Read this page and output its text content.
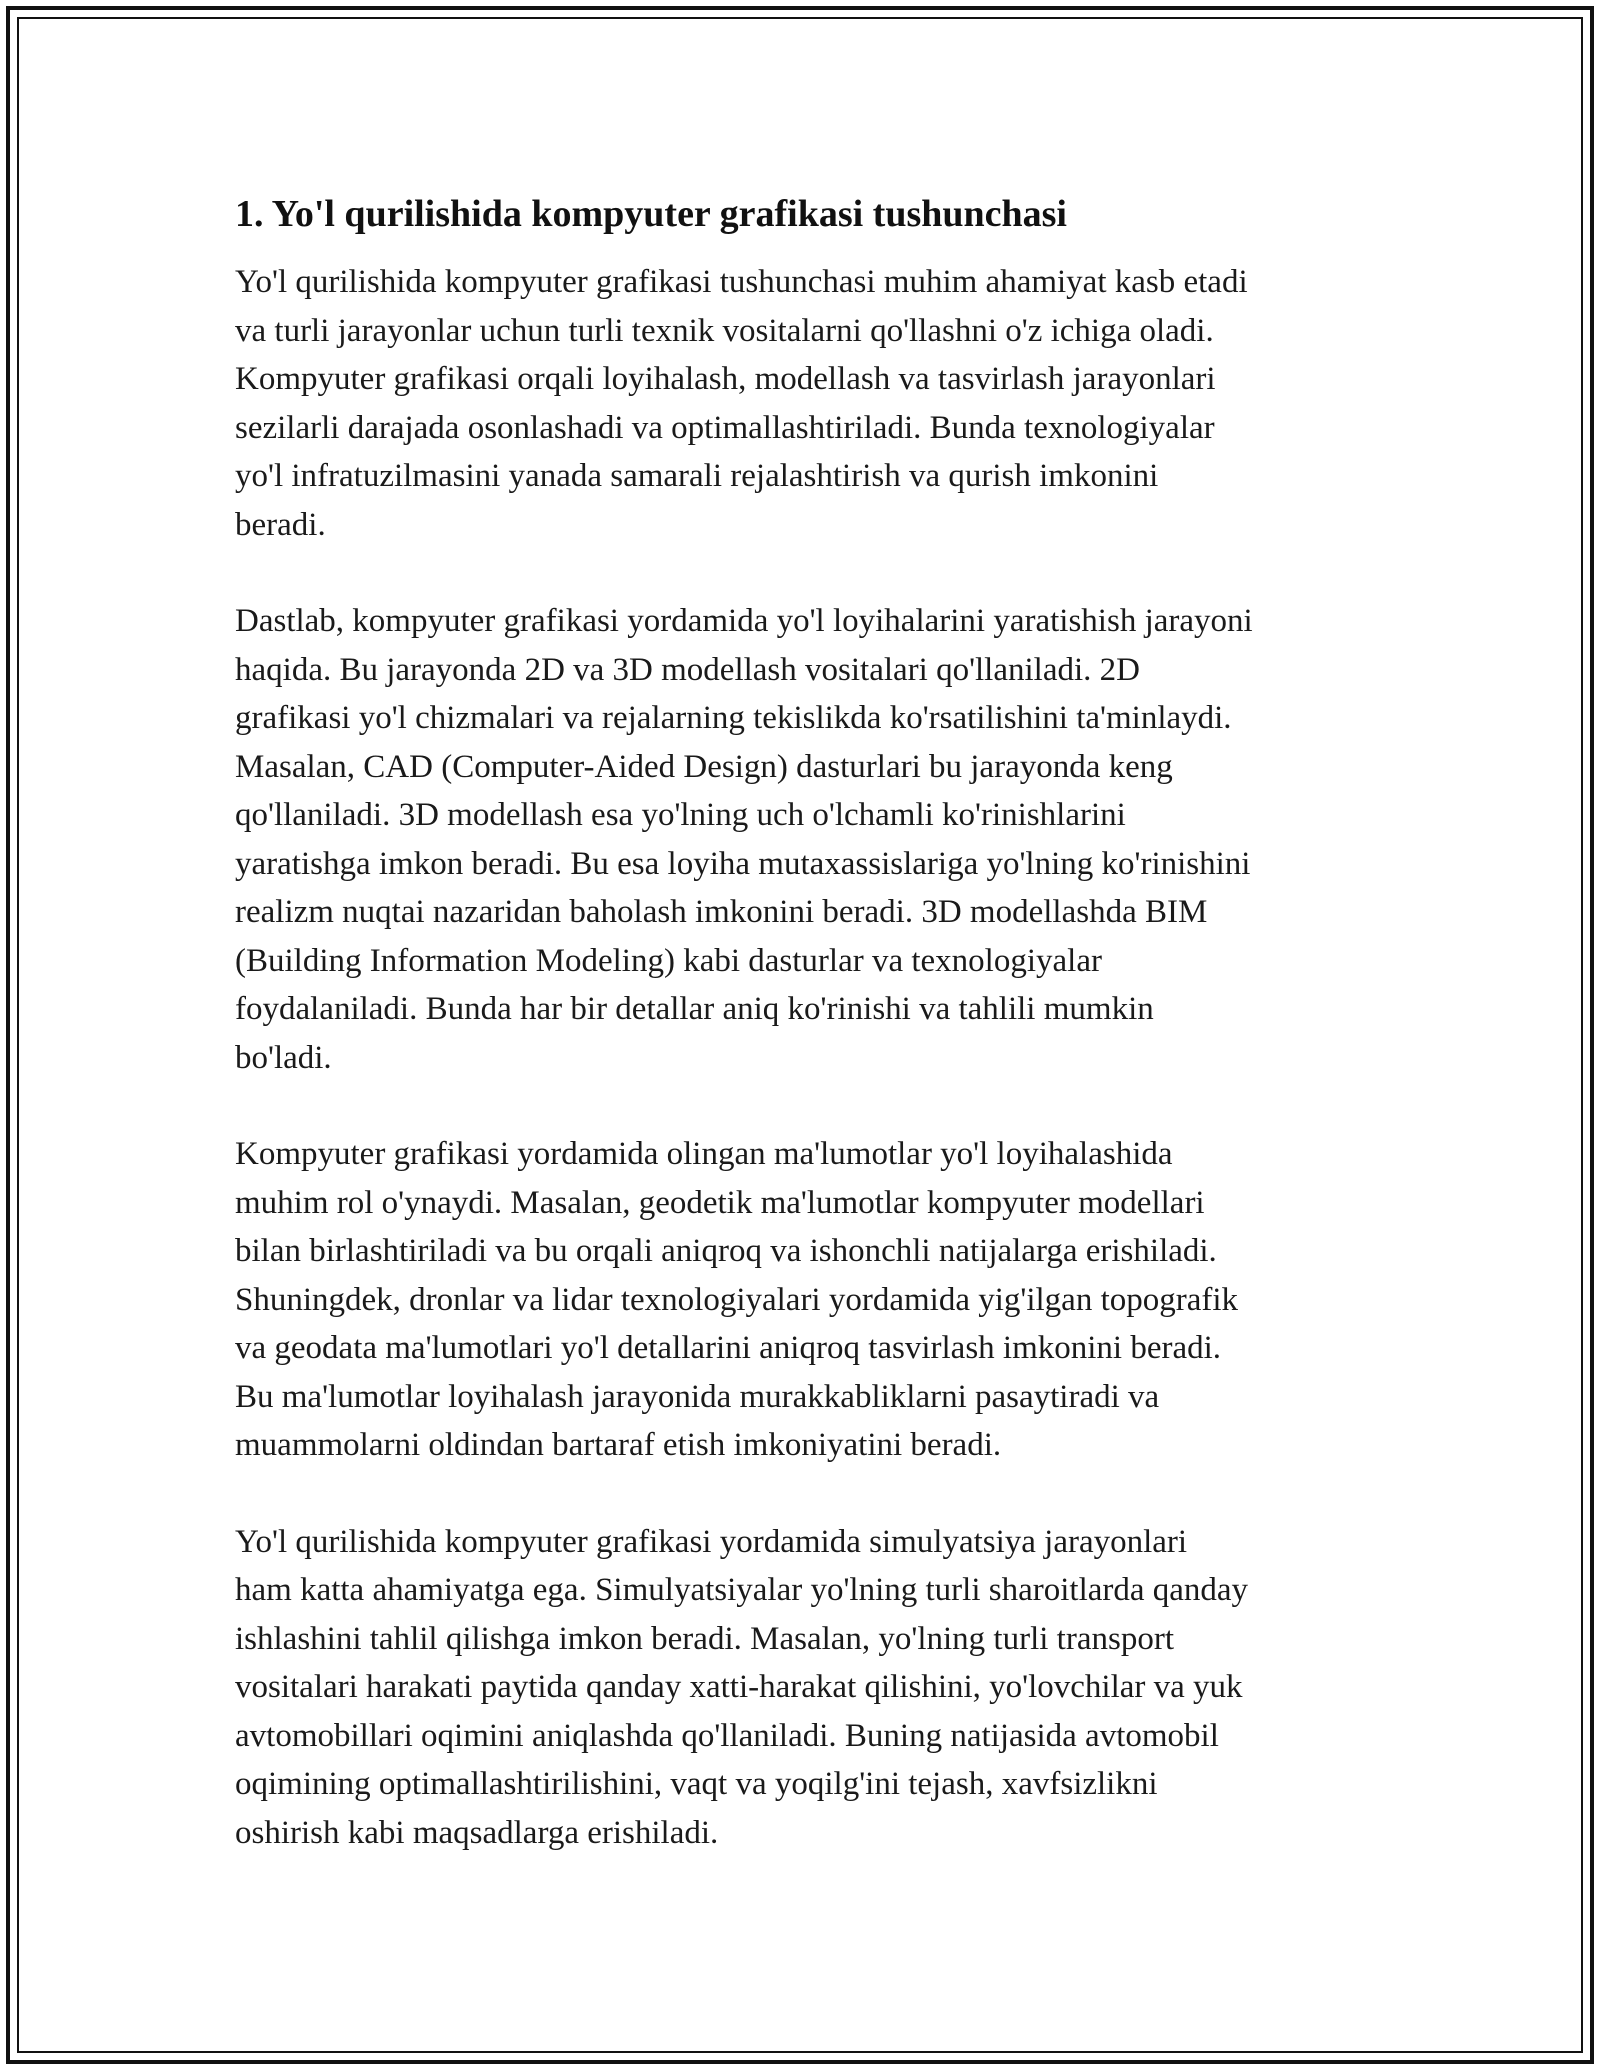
1. Yo'l qurilishida kompyuter grafikasi tushunchasi
Yo'l qurilishida kompyuter grafikasi tushunchasi muhim ahamiyat kasb etadi
va turli jarayonlar uchun turli texnik vositalarni qo'llashni o'z ichiga oladi.
Kompyuter grafikasi orqali loyihalash, modellash va tasvirlash jarayonlari
sezilarli darajada osonlashadi va optimallashtiriladi. Bunda texnologiyalar
yo'l infratuzilmasini yanada samarali rejalashtirish va qurish imkonini
beradi.
Dastlab, kompyuter grafikasi yordamida yo'l loyihalarini yaratishish jarayoni
haqida. Bu jarayonda 2D va 3D modellash vositalari qo'llaniladi. 2D
grafikasi yo'l chizmalari va rejalarning tekislikda ko'rsatilishini ta'minlaydi.
Masalan, CAD (Computer-Aided Design) dasturlari bu jarayonda keng
qo'llaniladi. 3D modellash esa yo'lning uch o'lchamli ko'rinishlarini
yaratishga imkon beradi. Bu esa loyiha mutaxassislariga yo'lning ko'rinishini
realizm nuqtai nazaridan baholash imkonini beradi. 3D modellashda BIM
(Building Information Modeling) kabi dasturlar va texnologiyalar
foydalaniladi. Bunda har bir detallar aniq ko'rinishi va tahlili mumkin
bo'ladi.
Kompyuter grafikasi yordamida olingan ma'lumotlar yo'l loyihalashida
muhim rol o'ynaydi. Masalan, geodetik ma'lumotlar kompyuter modellari
bilan birlashtiriladi va bu orqali aniqroq va ishonchli natijalarga erishiladi.
Shuningdek, dronlar va lidar texnologiyalari yordamida yig'ilgan topografik
va geodata ma'lumotlari yo'l detallarini aniqroq tasvirlash imkonini beradi.
Bu ma'lumotlar loyihalash jarayonida murakkabliklarni pasaytiradi va
muammolarni oldindan bartaraf etish imkoniyatini beradi.
Yo'l qurilishida kompyuter grafikasi yordamida simulyatsiya jarayonlari
ham katta ahamiyatga ega. Simulyatsiyalar yo'lning turli sharoitlarda qanday
ishlashini tahlil qilishga imkon beradi. Masalan, yo'lning turli transport
vositalari harakati paytida qanday xatti-harakat qilishini, yo'lovchilar va yuk
avtomobillari oqimini aniqlashda qo'llaniladi. Buning natijasida avtomobil
oqimining optimallashtirilishini, vaqt va yoqilg'ini tejash, xavfsizlikni
oshirish kabi maqsadlarga erishiladi.
